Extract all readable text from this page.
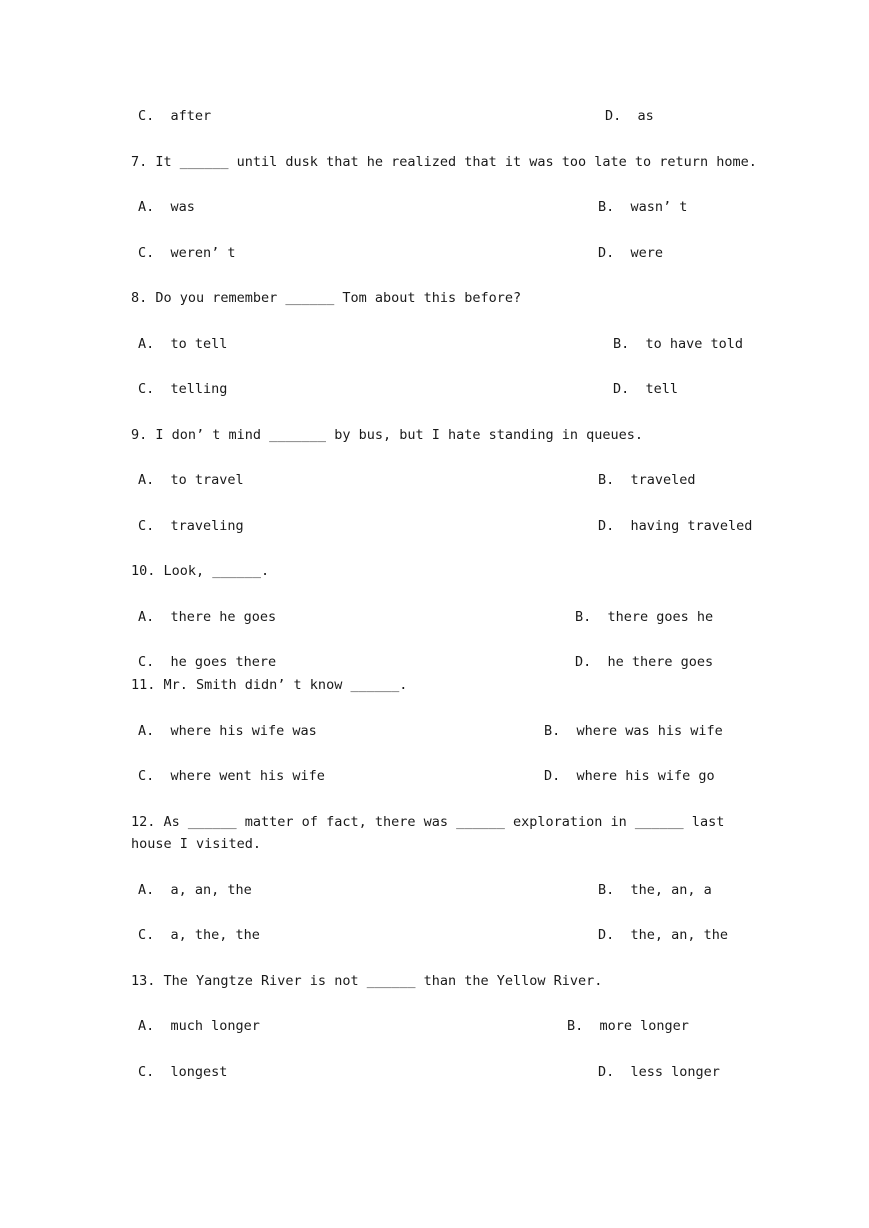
C.  after	D.  as
7. It ______ until dusk that he realized that it was too late to return home.
A.  was	B.  wasn’ t
C.  weren’ t	D.  were
8. Do you remember ______ Tom about this before?
A.  to tell	B.  to have told
C.  telling	D.  tell
9. I don’ t mind _______ by bus, but I hate standing in queues.
A.  to travel	B.  traveled
C.  traveling	D.  having traveled
10. Look, ______.
A.  there he goes	B.  there goes he
C.  he goes there	D.  he there goes
11. Mr. Smith didn’ t know ______.
A.  where his wife was	B.  where was his wife
C.  where went his wife	D.  where his wife go
12. As ______ matter of fact, there was ______ exploration in ______ last house I visited.
A.  a, an, the	B.  the, an, a
C.  a, the, the	D.  the, an, the
13. The Yangtze River is not ______ than the Yellow River.
A.  much longer	B.  more longer
C.  longest	D.  less longer
